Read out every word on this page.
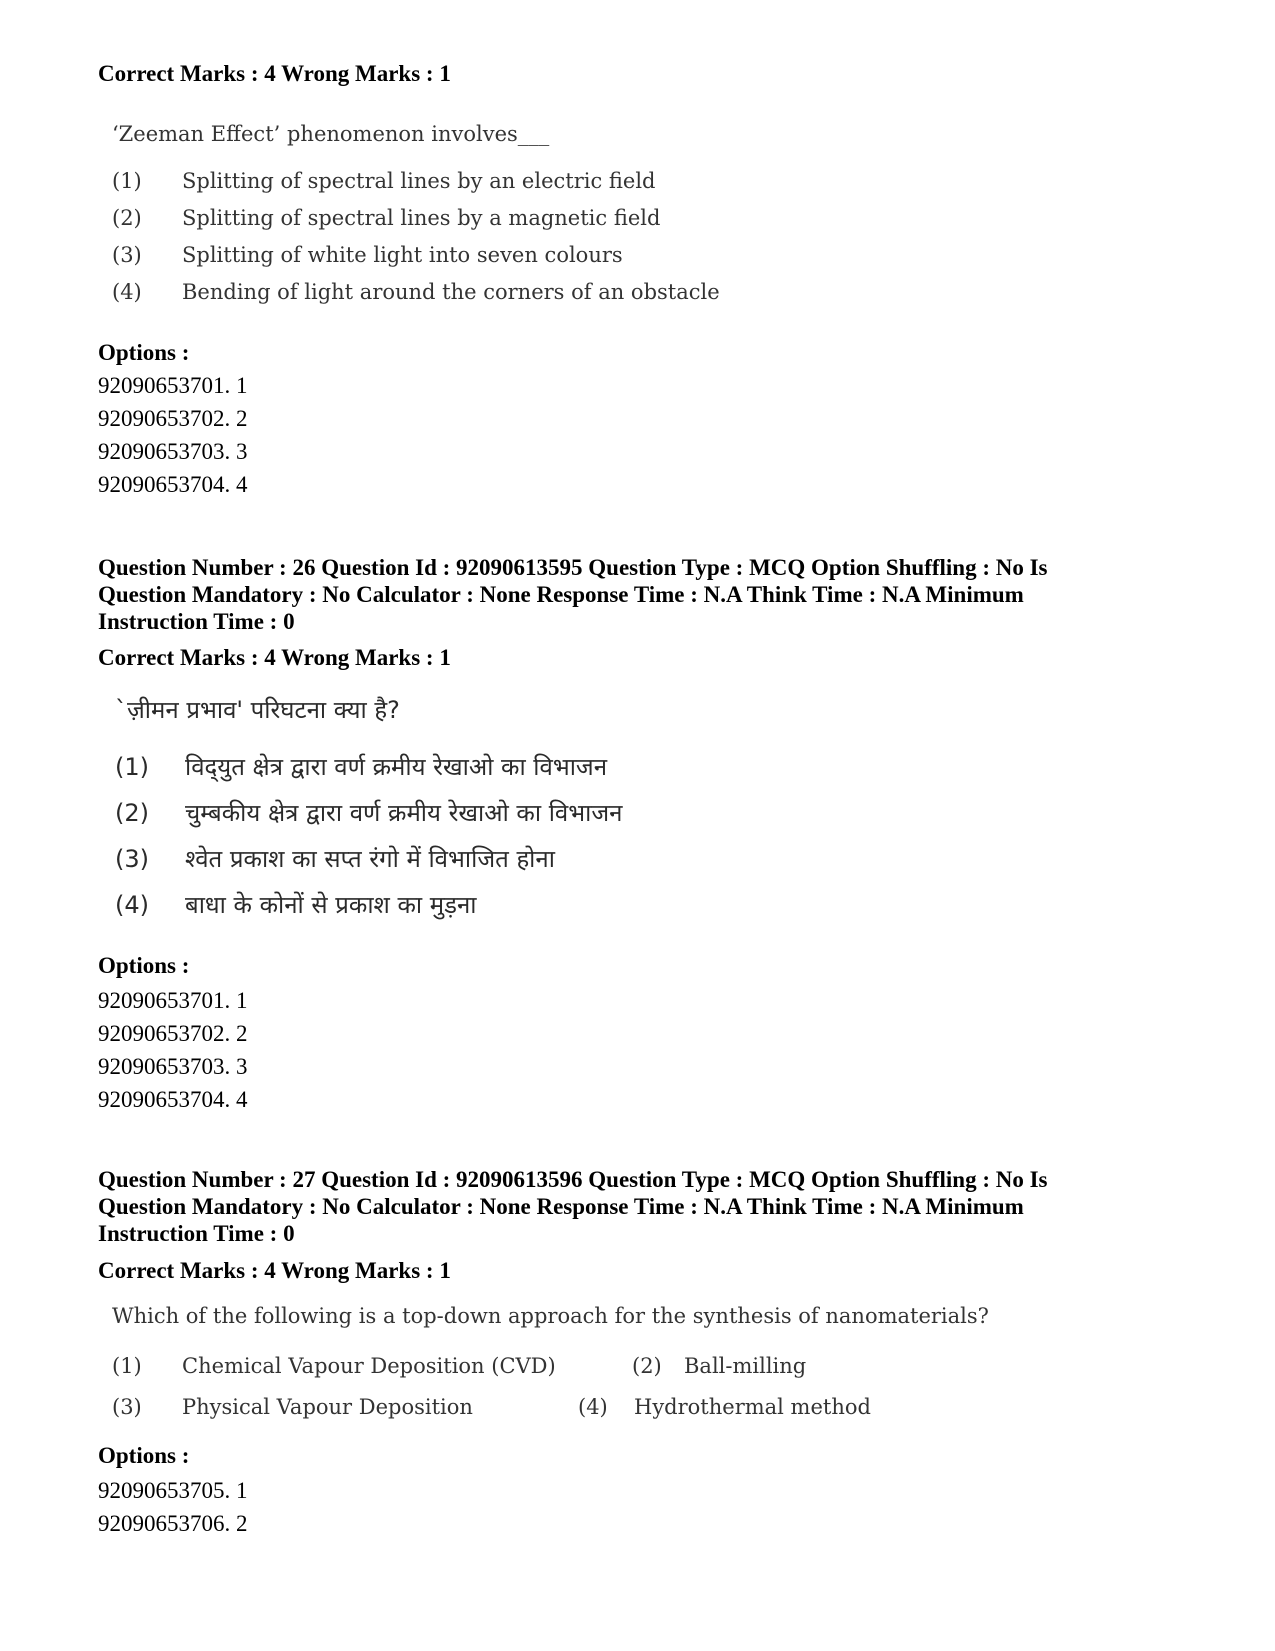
Correct Marks : 4 Wrong Marks : 1
‘Zeeman Effect’ phenomenon involves___
(1) Splitting of spectral lines by an electric field
(2) Splitting of spectral lines by a magnetic field
(3) Splitting of white light into seven colours
(4) Bending of light around the corners of an obstacle
Options :
92090653701. 1
92090653702. 2
92090653703. 3
92090653704. 4
Question Number : 26 Question Id : 92090613595 Question Type : MCQ Option Shuffling : No Is
Question Mandatory : No Calculator : None Response Time : N.A Think Time : N.A Minimum
Instruction Time : 0
Correct Marks : 4 Wrong Marks : 1
`ज़ीमन प्रभाव' परिघटना क्या है?
(1) विद्‌युत क्षेत्र द्वारा वर्ण क्रमीय रेखाओ का विभाजन
(2) चुम्बकीय क्षेत्र द्वारा वर्ण क्रमीय रेखाओ का विभाजन
(3) श्वेत प्रकाश का सप्त रंगो में विभाजित होना
(4) बाधा के कोनों से प्रकाश का मुड़ना
Options :
92090653701. 1
92090653702. 2
92090653703. 3
92090653704. 4
Question Number : 27 Question Id : 92090613596 Question Type : MCQ Option Shuffling : No Is
Question Mandatory : No Calculator : None Response Time : N.A Think Time : N.A Minimum
Instruction Time : 0
Correct Marks : 4 Wrong Marks : 1
Which of the following is a top-down approach for the synthesis of nanomaterials?
(1) Chemical Vapour Deposition (CVD)	(2) Ball-milling
(3) Physical Vapour Deposition	(4) Hydrothermal method
Options :
92090653705. 1
92090653706. 2
